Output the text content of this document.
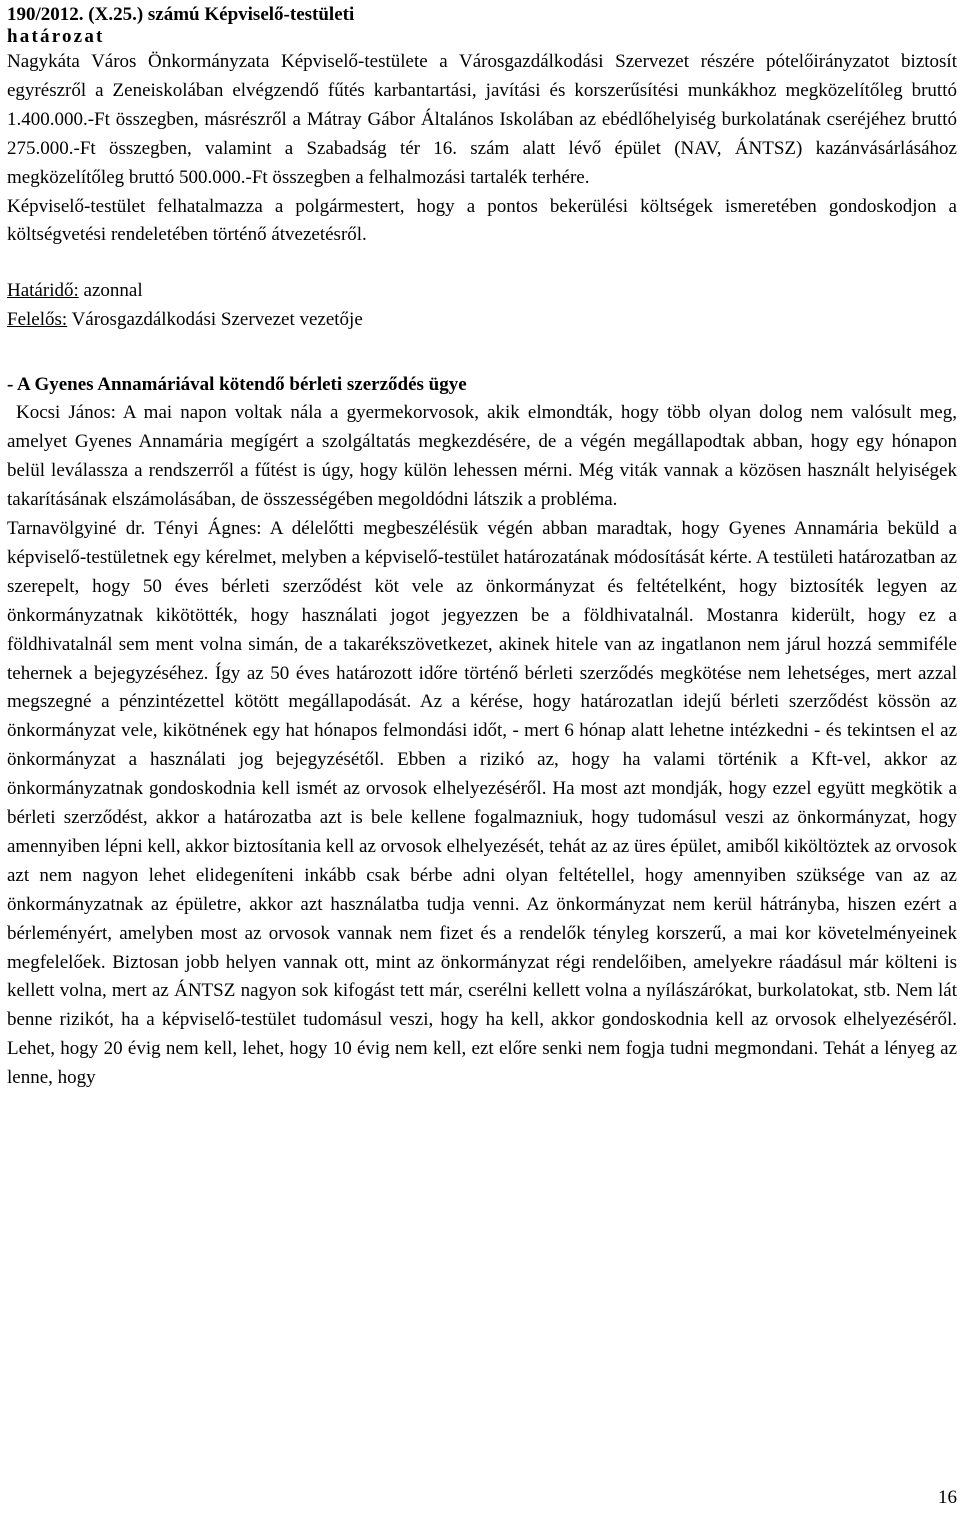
190/2012. (X.25.) számú Képviselő-testületi

határozat

Nagykáta Város Önkormányzata Képviselő-testülete a Városgazdálkodási Szervezet részére pótelőirányzatot biztosít egyrészről a Zeneiskolában elvégzendő fűtés karbantartási, javítási és korszerűsítési munkákhoz megközelítőleg bruttó 1.400.000.-Ft összegben, másrészről a Mátray Gábor Általános Iskolában az ebédlőhelyiség burkolatának cseréjéhez bruttó 275.000.-Ft összegben, valamint a Szabadság tér 16. szám alatt lévő épület (NAV, ÁNTSZ) kazánvásárlásához megközelítőleg bruttó 500.000.-Ft összegben a felhalmozási tartalék terhére.

Képviselő-testület felhatalmazza a polgármestert, hogy a pontos bekerülési költségek ismeretében gondoskodjon a költségvetési rendeletében történő átvezetésről.

Határidő: azonnal

Felelős: Városgazdálkodási Szervezet vezetője

- A Gyenes Annamáriával kötendő bérleti szerződés ügye

Kocsi János: A mai napon voltak nála a gyermekorvosok, akik elmondták, hogy több olyan dolog nem valósult meg, amelyet Gyenes Annamária megígért a szolgáltatás megkezdésére, de a végén megállapodtak abban, hogy egy hónapon belül leválassza a rendszerről a fűtést is úgy, hogy külön lehessen mérni. Még viták vannak a közösen használt helyiségek takarításának elszámolásában, de összességében megoldódni látszik a probléma.

Tarnavölgyiné dr. Tényi Ágnes: A délelőtti megbeszélésük végén abban maradtak, hogy Gyenes Annamária beküld a képviselő-testületnek egy kérelmet, melyben a képviselő-testület határozatának módosítását kérte. A testületi határozatban az szerepelt, hogy 50 éves bérleti szerződést köt vele az önkormányzat és feltételként, hogy biztosíték legyen az önkormányzatnak kikötötték, hogy használati jogot jegyezzen be a földhivatalnál. Mostanra kiderült, hogy ez a földhivatalnál sem ment volna simán, de a takarékszövetkezet, akinek hitele van az ingatlanon nem járul hozzá semmiféle tehernek a bejegyzéséhez. Így az 50 éves határozott időre történő bérleti szerződés megkötése nem lehetséges, mert azzal megszegné a pénzintézettel kötött megállapodását. Az a kérése, hogy határozatlan idejű bérleti szerződést kössön az önkormányzat vele, kikötnének egy hat hónapos felmondási időt, - mert 6 hónap alatt lehetne intézkedni - és tekintsen el az önkormányzat a használati jog bejegyzésétől. Ebben a rizikó az, hogy ha valami történik a Kft-vel, akkor az önkormányzatnak gondoskodnia kell ismét az orvosok elhelyezéséről. Ha most azt mondják, hogy ezzel együtt megkötik a bérleti szerződést, akkor a határozatba azt is bele kellene fogalmazniuk, hogy tudomásul veszi az önkormányzat, hogy amennyiben lépni kell, akkor biztosítania kell az orvosok elhelyezését, tehát az az üres épület, amiből kiköltöztek az orvosok azt nem nagyon lehet elidegeníteni inkább csak bérbe adni olyan feltétellel, hogy amennyiben szüksége van az az önkormányzatnak az épületre, akkor azt használatba tudja venni. Az önkormányzat nem kerül hátrányba, hiszen ezért a bérleményért, amelyben most az orvosok vannak nem fizet és a rendelők tényleg korszerű, a mai kor követelményeinek megfelelőek. Biztosan jobb helyen vannak ott, mint az önkormányzat régi rendelőiben, amelyekre ráadásul már költeni is kellett volna, mert az ÁNTSZ nagyon sok kifogást tett már, cserélni kellett volna a nyílászárókat, burkolatokat, stb. Nem lát benne rizikót, ha a képviselő-testület tudomásul veszi, hogy ha kell, akkor gondoskodnia kell az orvosok elhelyezéséről. Lehet, hogy 20 évig nem kell, lehet, hogy 10 évig nem kell, ezt előre senki nem fogja tudni megmondani. Tehát a lényeg az lenne, hogy

16
